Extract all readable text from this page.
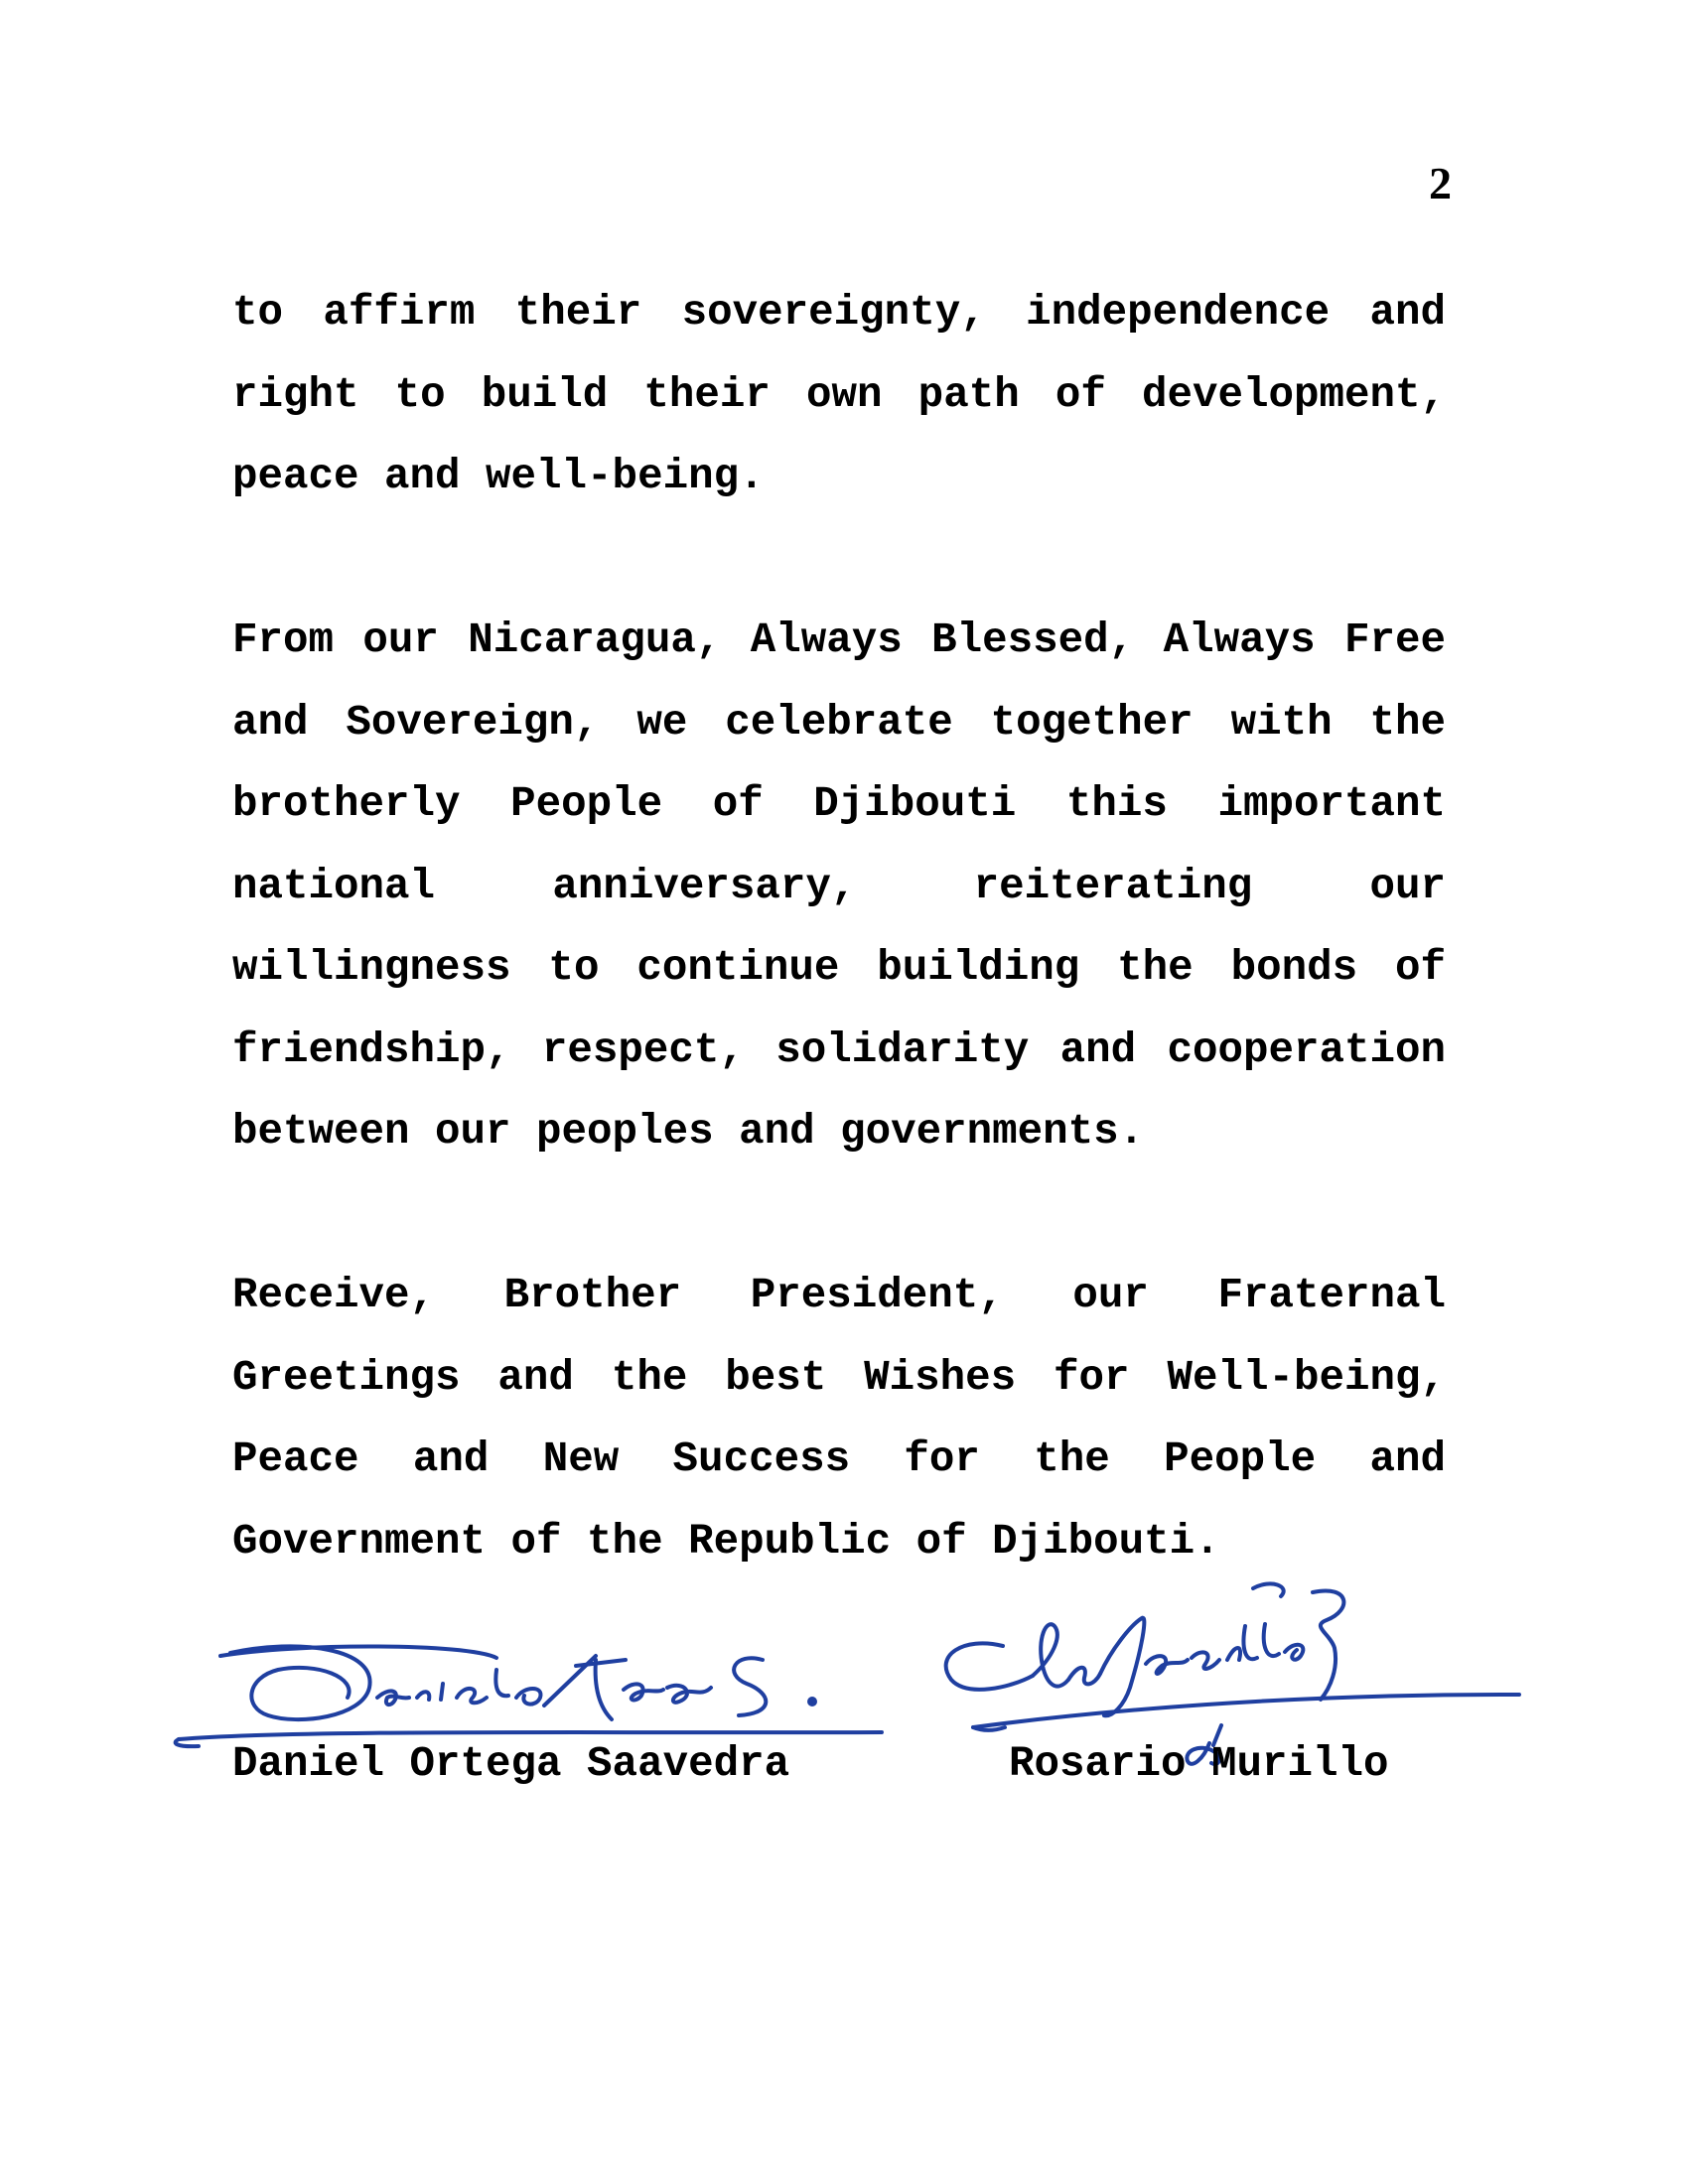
2

to affirm their sovereignty, independence and right to build their own path of development, peace and well-being.

From our Nicaragua, Always Blessed, Always Free and Sovereign, we celebrate together with the brotherly People of Djibouti this important national anniversary, reiterating our willingness to continue building the bonds of friendship, respect, solidarity and cooperation between our peoples and governments.

Receive, Brother President, our Fraternal Greetings and the best Wishes for Well-being, Peace and New Success for the People and Government of the Republic of Djibouti.

Daniel Ortega Saavedra	Rosario Murillo
